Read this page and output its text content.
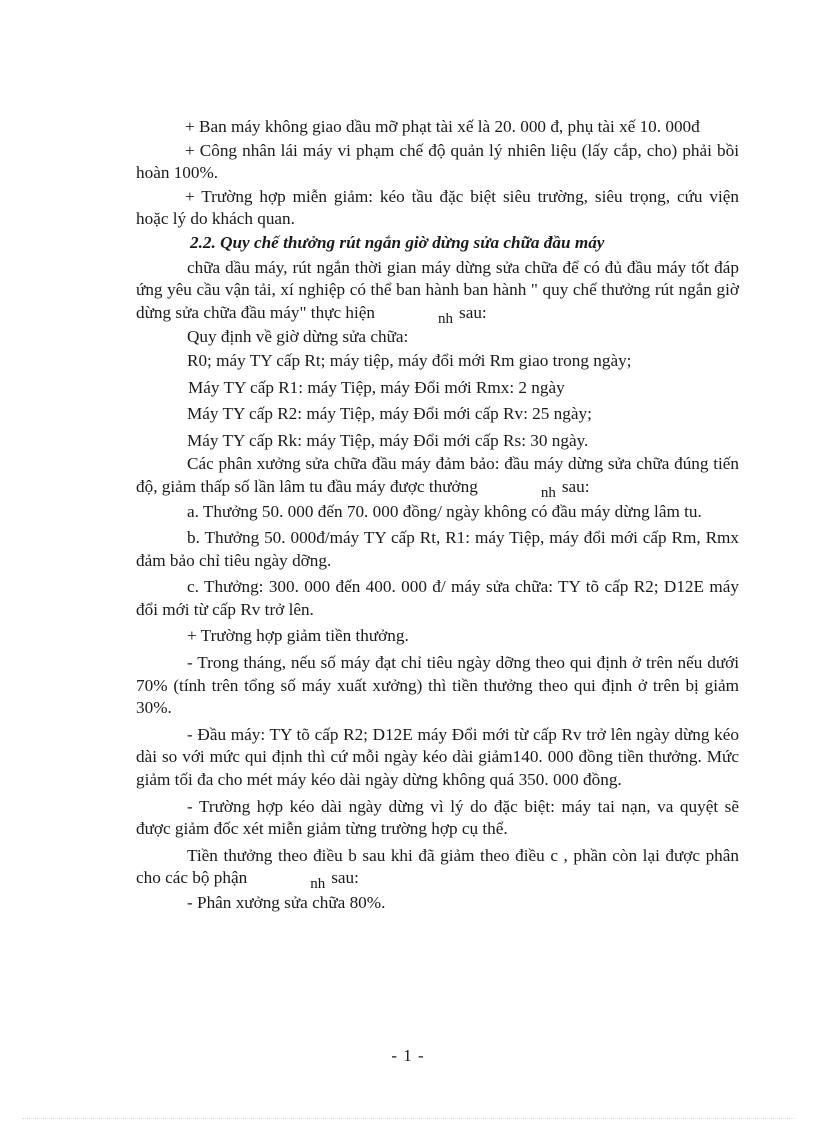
+ Ban máy không giao dầu mỡ phạt tài xế là 20. 000 đ, phụ tài xế 10. 000đ

+ Công nhân lái máy vi phạm chế độ quản lý nhiên liệu (lấy cắp, cho) phải bồi hoàn 100%.

+ Trường hợp miễn giảm: kéo tầu đặc biệt siêu trường, siêu trọng, cứu viện hoặc lý do khách quan.

2.2. Quy chế thưởng rút ngắn giờ dừng sửa chữa đầu máy

chữa dầu máy, rút ngắn thời gian máy dừng sửa chữa để có đủ đầu máy tốt đáp ứng yêu cầu vận tải, xí nghiệp có thể ban hành ban hành " quy chế thưởng rút ngắn giờ dừng sửa chữa đầu máy" thực hiện	nh sau:

Quy định về giờ dừng sửa chữa:

R0; máy TY cấp Rt; máy tiệp, máy đổi mới Rm giao trong ngày;

Máy TY cấp R1: máy Tiệp, máy Đổi mới Rmx: 2 ngày

Máy TY cấp R2: máy Tiệp, máy Đổi mới cấp Rv: 25 ngày;

Máy TY cấp Rk: máy Tiệp, máy Đổi mới cấp Rs: 30 ngày.

Các phân xưởng sửa chữa đầu máy đảm bảo: đầu máy dừng sửa chữa đúng tiến độ, giảm thấp số lần lâm tu đầu máy được thưởng	nh sau:

a. Thưởng 50. 000 đến 70. 000 đồng/ ngày không có đầu máy dừng lâm tu.

b. Thưởng 50. 000đ/máy TY cấp Rt, R1: máy Tiệp, máy đổi mới cấp Rm, Rmx đảm bảo chỉ tiêu ngày dỡng.

c. Thưởng: 300. 000 đến 400. 000 đ/ máy sửa chữa: TY tõ cấp R2; D12E máy đổi mới từ cấp Rv trở lên.

+ Trường hợp giảm tiền thưởng.

- Trong tháng, nếu số máy đạt chỉ tiêu ngày dỡng theo qui định ở trên nếu dưới 70% (tính trên tổng số máy xuất xưởng) thì tiền thưởng theo qui định ở trên bị giảm 30%.

- Đầu máy: TY tõ cấp R2; D12E máy Đổi mới từ cấp Rv trở lên ngày dừng kéo dài so với mức qui định thì cứ mỗi ngày kéo dài giảm140. 000 đồng tiền thưởng. Mức giảm tối đa cho mét máy kéo dài ngày dừng không quá 350. 000 đồng.

- Trường hợp kéo dài ngày dừng vì lý do đặc biệt: máy tai nạn, va quyệt sẽ được giảm đốc xét miễn giảm từng trường hợp cụ thể.

Tiền thưởng theo điều b sau khi đã giảm theo điều c , phần còn lại được phân cho các bộ phận	nh sau:

- Phân xưởng sửa chữa 80%.

- 1 -
